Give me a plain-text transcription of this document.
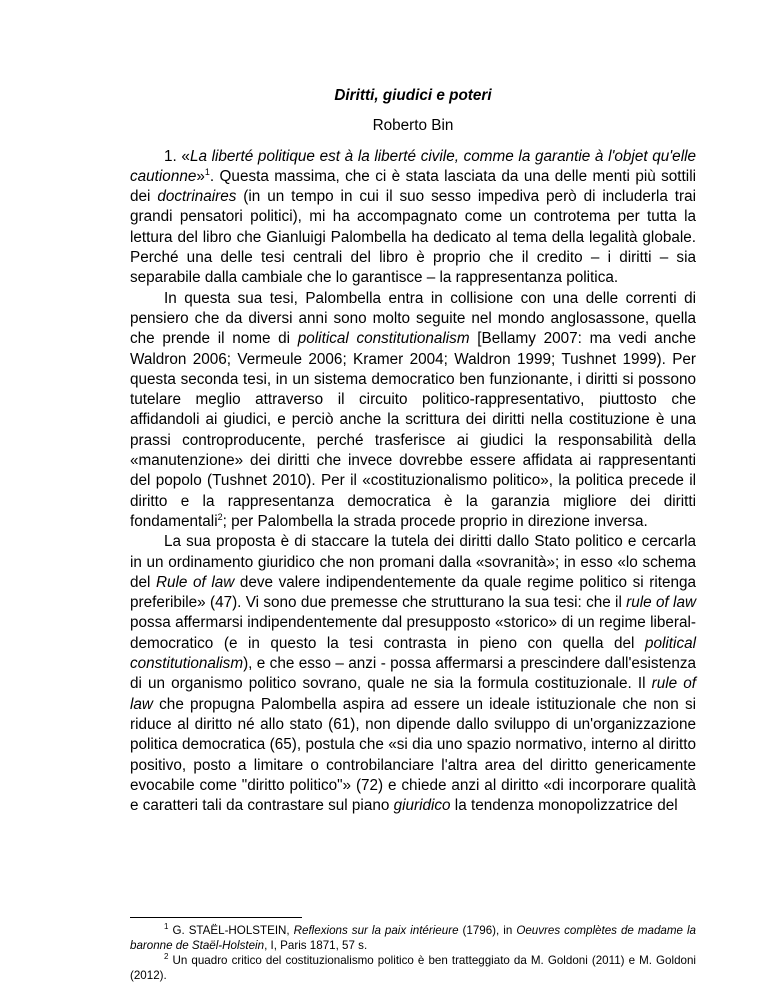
Diritti, giudici e poteri
Roberto Bin

1. «La liberté politique est à la liberté civile, comme la garantie à l'objet qu'elle cautionne»$^1$. Questa massima, che ci è stata lasciata da una delle menti più sottili dei doctrinaires (in un tempo in cui il suo sesso impediva però di includerla trai grandi pensatori politici), mi ha accompagnato come un controtema per tutta la lettura del libro che Gianluigi Palombella ha dedicato al tema della legalità globale. Perché una delle tesi centrali del libro è proprio che il credito – i diritti – sia separabile dalla cambiale che lo garantisce – la rappresentanza politica.

In questa sua tesi, Palombella entra in collisione con una delle correnti di pensiero che da diversi anni sono molto seguite nel mondo anglosassone, quella che prende il nome di political constitutionalism [Bellamy 2007: ma vedi anche Waldron 2006; Vermeule 2006; Kramer 2004; Waldron 1999; Tushnet 1999). Per questa seconda tesi, in un sistema democratico ben funzionante, i diritti si possono tutelare meglio attraverso il circuito politico-rappresentativo, piuttosto che affidandoli ai giudici, e perciò anche la scrittura dei diritti nella costituzione è una prassi controproducente, perché trasferisce ai giudici la responsabilità della «manutenzione» dei diritti che invece dovrebbe essere affidata ai rappresentanti del popolo (Tushnet 2010). Per il «costituzionalismo politico», la politica precede il diritto e la rappresentanza democratica è la garanzia migliore dei diritti fondamentali$^2$; per Palombella la strada procede proprio in direzione inversa.

La sua proposta è di staccare la tutela dei diritti dallo Stato politico e cercarla in un ordinamento giuridico che non promani dalla «sovranità»; in esso «lo schema del Rule of law deve valere indipendentemente da quale regime politico si ritenga preferibile» (47). Vi sono due premesse che strutturano la sua tesi: che il rule of law possa affermarsi indipendentemente dal presupposto «storico» di un regime liberal-democratico (e in questo la tesi contrasta in pieno con quella del political constitutionalism), e che esso – anzi - possa affermarsi a prescindere dall'esistenza di un organismo politico sovrano, quale ne sia la formula costituzionale. Il rule of law che propugna Palombella aspira ad essere un ideale istituzionale che non si riduce al diritto né allo stato (61), non dipende dallo sviluppo di un'organizzazione politica democratica (65), postula che «si dia uno spazio normativo, interno al diritto positivo, posto a limitare o controbilanciare l'altra area del diritto genericamente evocabile come "diritto politico"» (72) e chiede anzi al diritto «di incorporare qualità e caratteri tali da contrastare sul piano giuridico la tendenza monopolizzatrice del

$^1$ G. STAËL-HOLSTEIN, Reflexions sur la paix intérieure (1796), in Oeuvres complètes de madame la baronne de Staël-Holstein, I, Paris 1871, 57 s.

$^2$ Un quadro critico del costituzionalismo politico è ben tratteggiato da M. Goldoni (2011) e M. Goldoni (2012).
